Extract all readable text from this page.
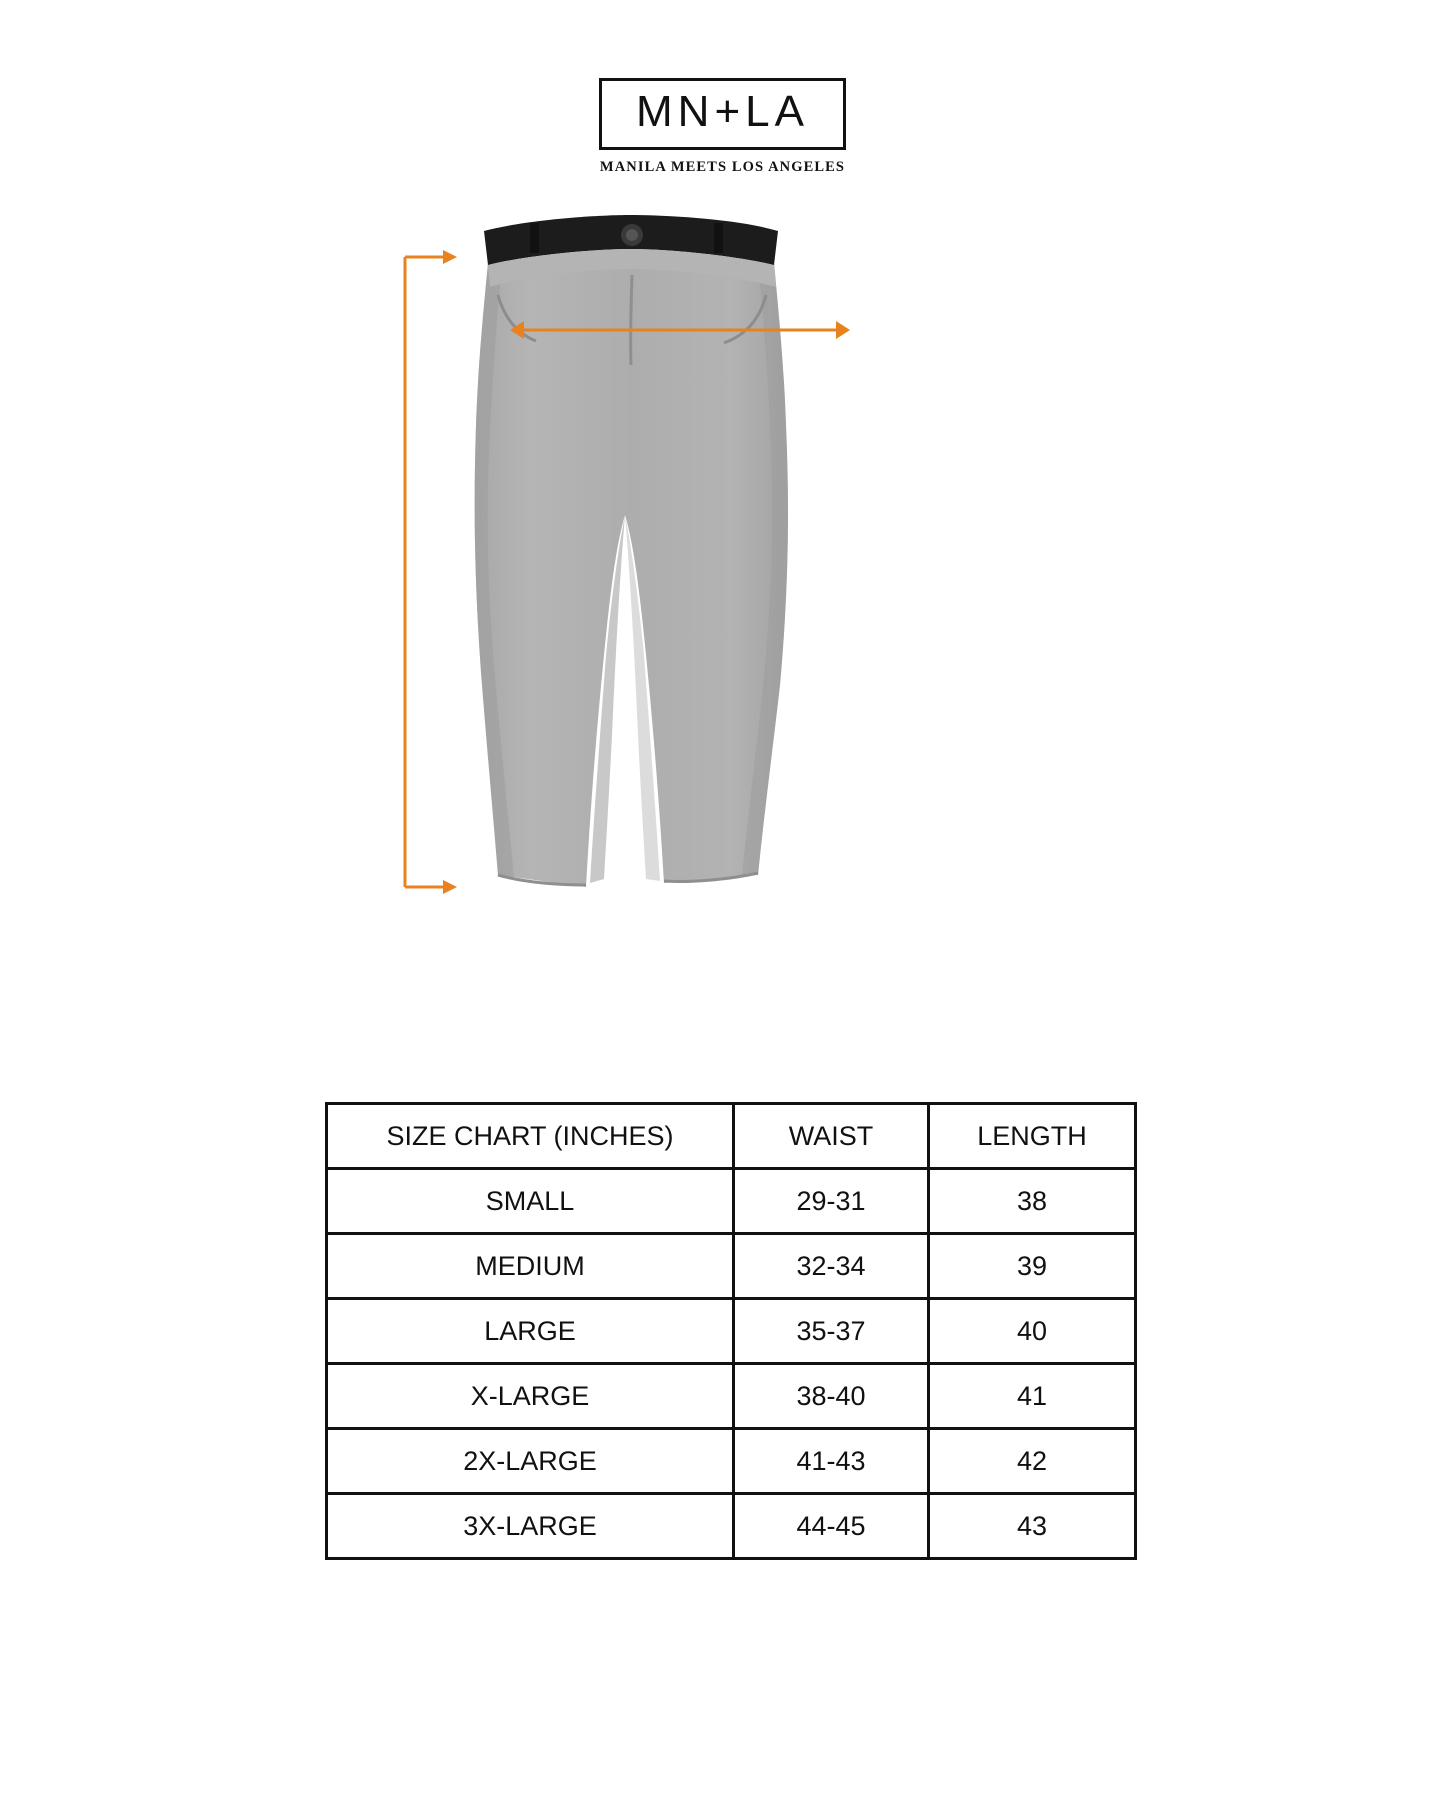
MN+LA
MANILA MEETS LOS ANGELES
SIZE CHART (INCHES)	WAIST	LENGTH
SMALL	29-31	38
MEDIUM	32-34	39
LARGE	35-37	40
X-LARGE	38-40	41
2X-LARGE	41-43	42
3X-LARGE	44-45	43
